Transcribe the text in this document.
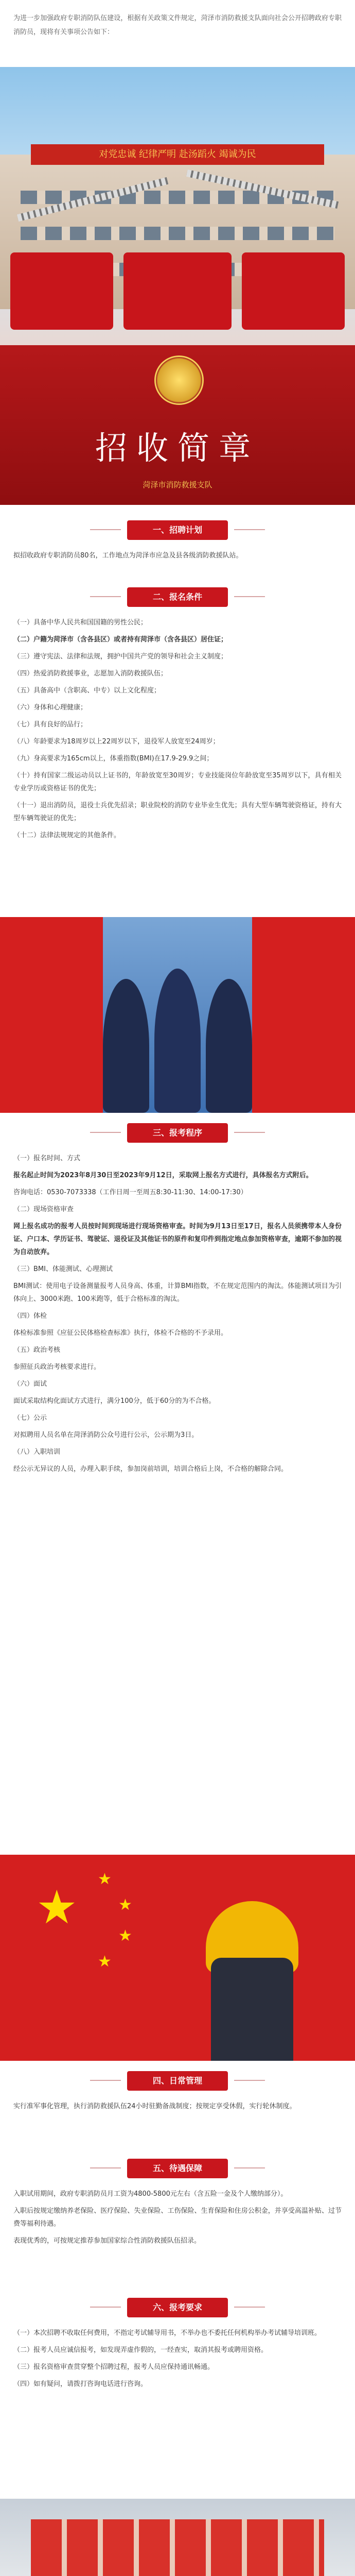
为进一步加强政府专职消防队伍建设，根据有关政策文件规定，菏泽市消防救援支队面向社会公开招聘政府专职消防员，现将有关事项公告如下：
对党忠诚 纪律严明 赴汤蹈火 竭诚为民
招收简章
菏泽市消防救援支队
一、招聘计划
拟招收政府专职消防员80名，工作地点为菏泽市应急及县各级消防救援队站。
二、报名条件

（一）具备中华人民共和国国籍的男性公民；

（二）户籍为菏泽市（含各县区）或者持有菏泽市（含各县区）居住证；

（三）遵守宪法、法律和法规，拥护中国共产党的领导和社会主义制度；

（四）热爱消防救援事业，志愿加入消防救援队伍；

（五）具备高中（含职高、中专）以上文化程度；

（六）身体和心理健康；

（七）具有良好的品行；

（八）年龄要求为18周岁以上22周岁以下，退役军人放宽至24周岁；

（九）身高要求为165cm以上，体重指数(BMI)在17.9-29.9之间；

（十）持有国家二级运动员以上证书的，年龄放宽至30周岁；专业技能岗位年龄放宽至35周岁以下，具有相关专业学历或资格证书的优先；

（十一）退出消防员，退役士兵优先招录；职业院校的消防专业毕业生优先；具有大型车辆驾驶资格证，持有大型车辆驾驶证的优先；

（十二）法律法规规定的其他条件。

三、报考程序

（一）报名时间、方式

报名起止时间为2023年8月30日至2023年9月12日，采取网上报名方式进行，具体报名方式附后。

咨询电话：0530-7073338（工作日周一至周五8:30-11:30、14:00-17:30）

（二）现场资格审查

网上报名成功的报考人员按时间到现场进行现场资格审查。时间为9月13日至17日，报名人员须携带本人身份证、户口本、学历证书、驾驶证、退役证及其他证书的原件和复印件到指定地点参加资格审查，逾期不参加的视为自动放弃。

（三）BMI、体能测试、心理测试

BMI测试：使用电子设备测量报考人员身高、体重，计算BMI指数，不在规定范围内的淘汰。体能测试项目为引体向上、3000米跑、100米跑等，低于合格标准的淘汰。

（四）体检

体检标准参照《应征公民体格检查标准》执行，体检不合格的不予录用。

（五）政治考核

参照征兵政治考核要求进行。

（六）面试

面试采取结构化面试方式进行，满分100分，低于60分的为不合格。

（七）公示

对拟聘用人员名单在菏泽消防公众号进行公示，公示期为3日。

（八）入职培训

经公示无异议的人员，办理入职手续，参加岗前培训，培训合格后上岗，不合格的解除合同。

★
★
★
★
★
四、日常管理
实行准军事化管理，执行消防救援队伍24小时驻勤备战制度；按规定享受休假，实行轮休制度。
五、待遇保障

入职试用期间，政府专职消防员月工资为4800-5800元左右（含五险一金及个人缴纳部分）。

入职后按规定缴纳养老保险、医疗保险、失业保险、工伤保险、生育保险和住房公积金，并享受高温补贴、过节费等福利待遇。

表现优秀的，可按规定推荐参加国家综合性消防救援队伍招录。

六、报考要求

（一）本次招聘不收取任何费用，不指定考试辅导用书，不举办也不委托任何机构举办考试辅导培训班。

（二）报考人员应诚信报考，如发现弄虚作假的，一经查实，取消其报考或聘用资格。

（三）报名资格审查贯穿整个招聘过程，报考人员应保持通讯畅通。

（四）如有疑问，请拨打咨询电话进行咨询。
